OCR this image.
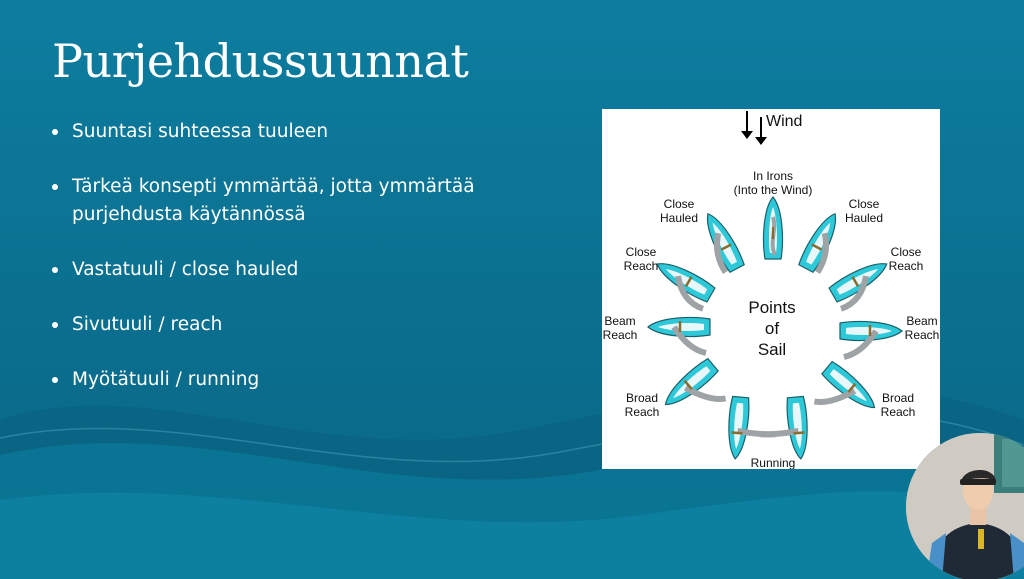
Purjehdussuunnat
Suuntasi suhteessa tuuleen
Tärkeä konsepti ymmärtää, jotta ymmärtää purjehdusta käytännössä
Vastatuuli / close hauled
Sivutuuli / reach
Myötätuuli / running
Wind
In Irons
(Into the Wind)
Close
Hauled
Close
Hauled
Close
Reach
Close
Reach
Beam
Reach
Beam
Reach
Broad
Reach
Broad
Reach
Running
Points
of
Sail
